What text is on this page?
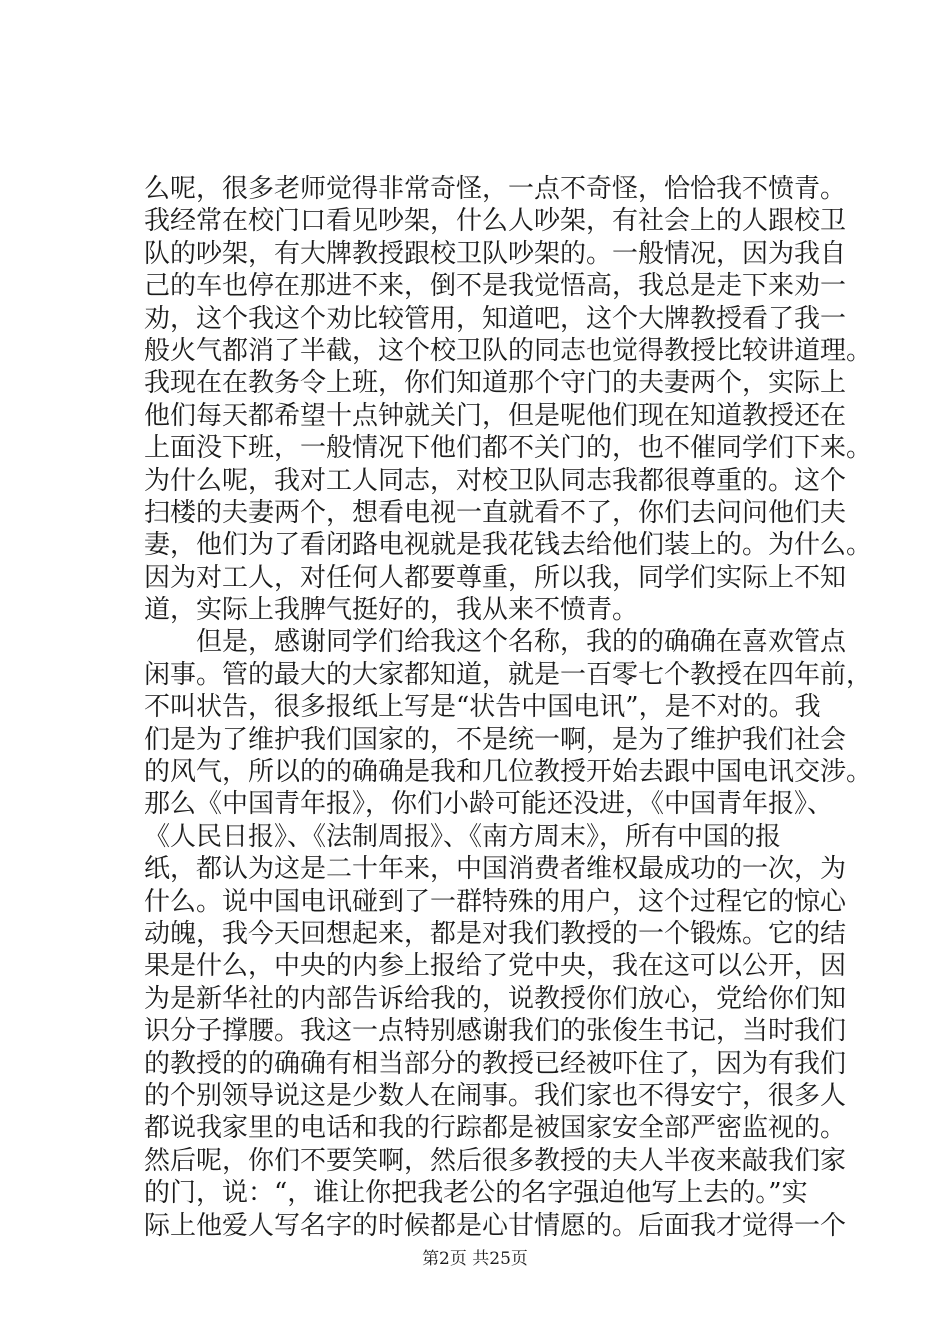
么呢，很多老师觉得非常奇怪，一点不奇怪，恰恰我不愤青。
我经常在校门口看见吵架，什么人吵架，有社会上的人跟校卫
队的吵架，有大牌教授跟校卫队吵架的。一般情况，因为我自
己的车也停在那进不来，倒不是我觉悟高，我总是走下来劝一
劝，这个我这个劝比较管用，知道吧，这个大牌教授看了我一
般火气都消了半截，这个校卫队的同志也觉得教授比较讲道理。
我现在在教务令上班，你们知道那个守门的夫妻两个，实际上
他们每天都希望十点钟就关门，但是呢他们现在知道教授还在
上面没下班，一般情况下他们都不关门的，也不催同学们下来。
为什么呢，我对工人同志，对校卫队同志我都很尊重的。这个
扫楼的夫妻两个，想看电视一直就看不了，你们去问问他们夫
妻，他们为了看闭路电视就是我花钱去给他们装上的。为什么。
因为对工人，对任何人都要尊重，所以我，同学们实际上不知
道，实际上我脾气挺好的，我从来不愤青。
但是，感谢同学们给我这个名称，我的的确确在喜欢管点
闲事。管的最大的大家都知道，就是一百零七个教授在四年前，
不叫状告，很多报纸上写是“状告中国电讯”，是不对的。我
们是为了维护我们国家的，不是统一啊，是为了维护我们社会
的风气，所以的的确确是我和几位教授开始去跟中国电讯交涉。
那么《中国青年报》，你们小龄可能还没进，《中国青年报》、
《人民日报》、《法制周报》、《南方周末》，所有中国的报
纸，都认为这是二十年来，中国消费者维权最成功的一次，为
什么。说中国电讯碰到了一群特殊的用户，这个过程它的惊心
动魄，我今天回想起来，都是对我们教授的一个锻炼。它的结
果是什么，中央的内参上报给了党中央，我在这可以公开，因
为是新华社的内部告诉给我的，说教授你们放心，党给你们知
识分子撑腰。我这一点特别感谢我们的张俊生书记，当时我们
的教授的的确确有相当部分的教授已经被吓住了，因为有我们
的个别领导说这是少数人在闹事。我们家也不得安宁，很多人
都说我家里的电话和我的行踪都是被国家安全部严密监视的。
然后呢，你们不要笑啊，然后很多教授的夫人半夜来敲我们家
的门，说：“，谁让你把我老公的名字强迫他写上去的。”实
际上他爱人写名字的时候都是心甘情愿的。后面我才觉得一个
第2页 共25页
